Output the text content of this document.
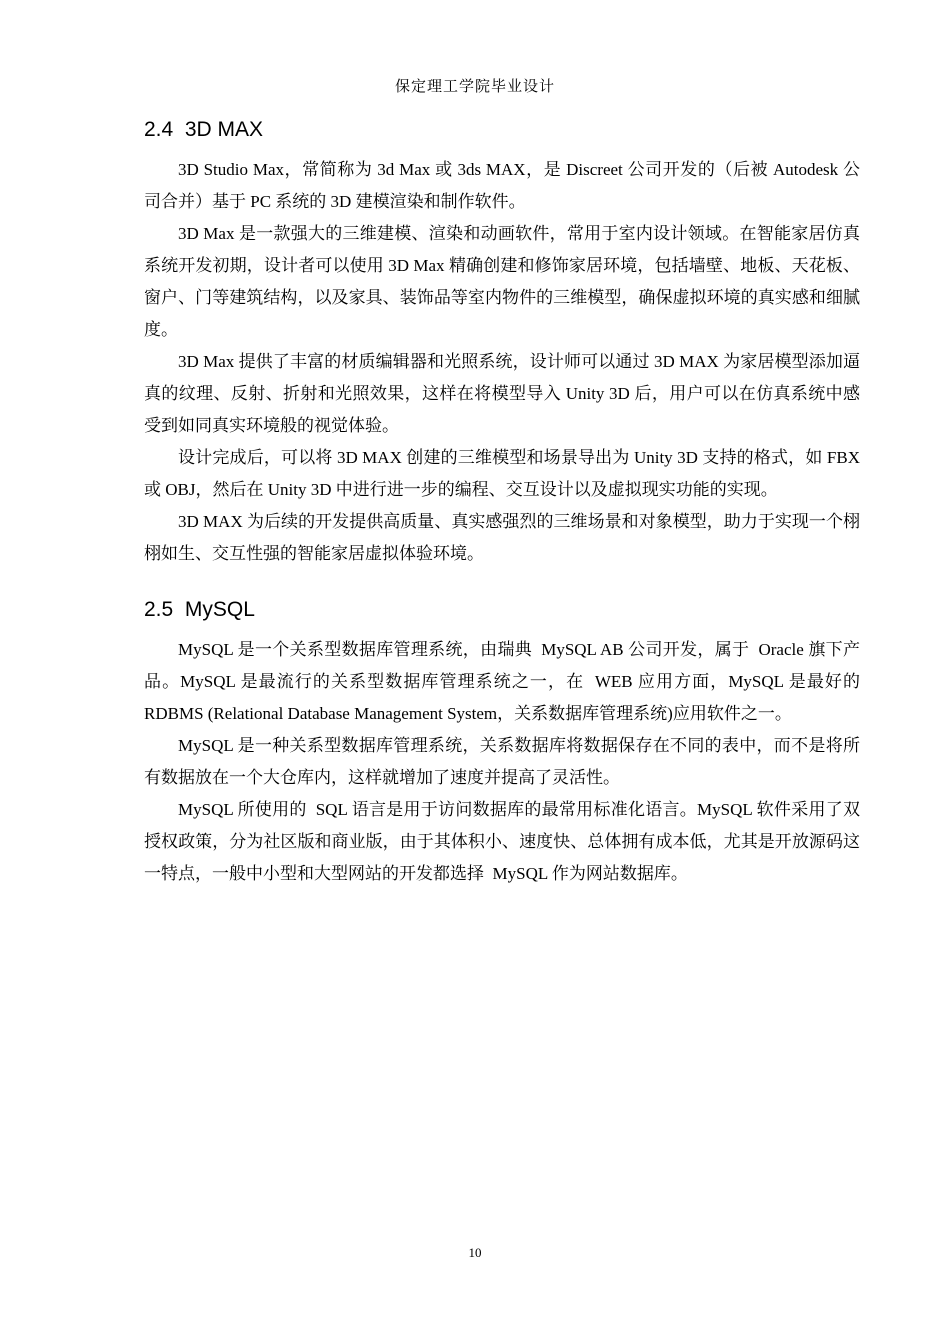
保定理工学院毕业设计
2.4  3D MAX

3D Studio Max，常简称为 3d Max 或 3ds MAX，是 Discreet 公司开发的（后被 Autodesk 公司合并）基于 PC 系统的 3D 建模渲染和制作软件。

3D Max 是一款强大的三维建模、渲染和动画软件，常用于室内设计领域。在智能家居仿真系统开发初期，设计者可以使用 3D Max 精确创建和修饰家居环境，包括墙壁、地板、天花板、窗户、门等建筑结构，以及家具、装饰品等室内物件的三维模型，确保虚拟环境的真实感和细腻度。

3D Max 提供了丰富的材质编辑器和光照系统，设计师可以通过 3D MAX 为家居模型添加逼真的纹理、反射、折射和光照效果，这样在将模型导入 Unity 3D 后，用户可以在仿真系统中感受到如同真实环境般的视觉体验。

设计完成后，可以将 3D MAX 创建的三维模型和场景导出为 Unity 3D 支持的格式，如 FBX 或 OBJ，然后在 Unity 3D 中进行进一步的编程、交互设计以及虚拟现实功能的实现。

3D MAX 为后续的开发提供高质量、真实感强烈的三维场景和对象模型，助力于实现一个栩栩如生、交互性强的智能家居虚拟体验环境。

2.5  MySQL

MySQL 是一个关系型数据库管理系统，由瑞典  MySQL AB 公司开发，属于  Oracle 旗下产品。MySQL 是最流行的关系型数据库管理系统之一，在  WEB 应用方面，MySQL 是最好的 RDBMS (Relational Database Management System，关系数据库管理系统)应用软件之一。

MySQL 是一种关系型数据库管理系统，关系数据库将数据保存在不同的表中，而不是将所有数据放在一个大仓库内，这样就增加了速度并提高了灵活性。

MySQL 所使用的  SQL 语言是用于访问数据库的最常用标准化语言。MySQL 软件采用了双授权政策，分为社区版和商业版，由于其体积小、速度快、总体拥有成本低，尤其是开放源码这一特点，一般中小型和大型网站的开发都选择  MySQL 作为网站数据库。

10
